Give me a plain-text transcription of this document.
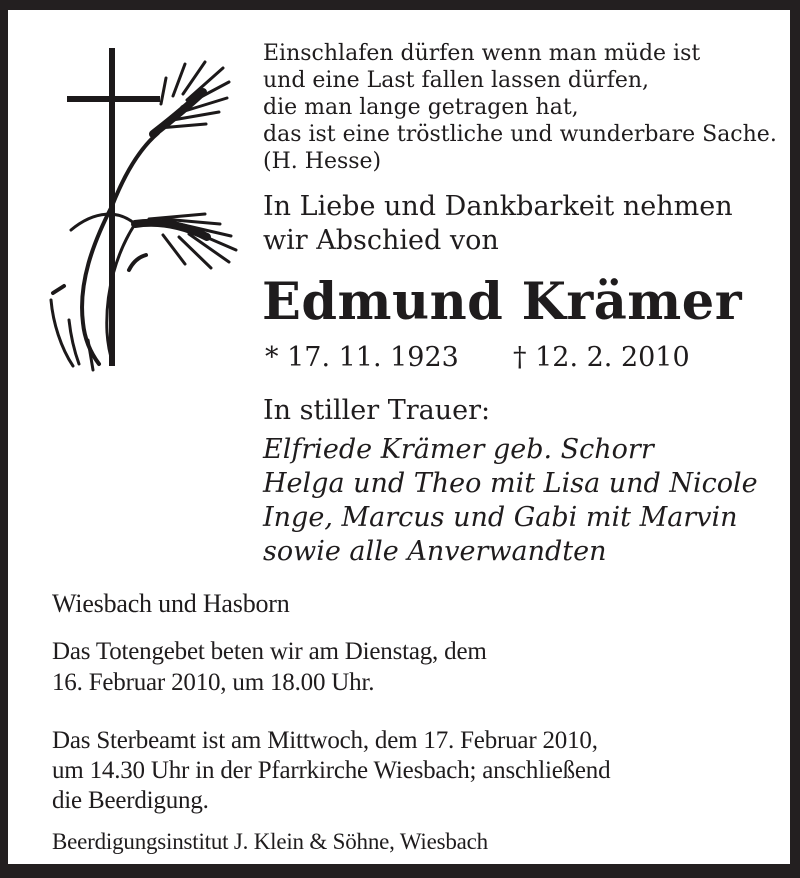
Einschlafen dürfen wenn man müde ist
und eine Last fallen lassen dürfen,
die man lange getragen hat,
das ist eine tröstliche und wunderbare Sache.
(H. Hesse)
In Liebe und Dankbarkeit nehmen
wir Abschied von
Edmund Krämer
* 17. 11. 1923 † 12. 2. 2010
In stiller Trauer:
Elfriede Krämer geb. Schorr
Helga und Theo mit Lisa und Nicole
Inge, Marcus und Gabi mit Marvin
sowie alle Anverwandten
Wiesbach und Hasborn
Das Totengebet beten wir am Dienstag, dem
16. Februar 2010, um 18.00 Uhr.
Das Sterbeamt ist am Mittwoch, dem 17. Februar 2010,
um 14.30 Uhr in der Pfarrkirche Wiesbach; anschließend
die Beerdigung.
Beerdigungsinstitut J. Klein & Söhne, Wiesbach
